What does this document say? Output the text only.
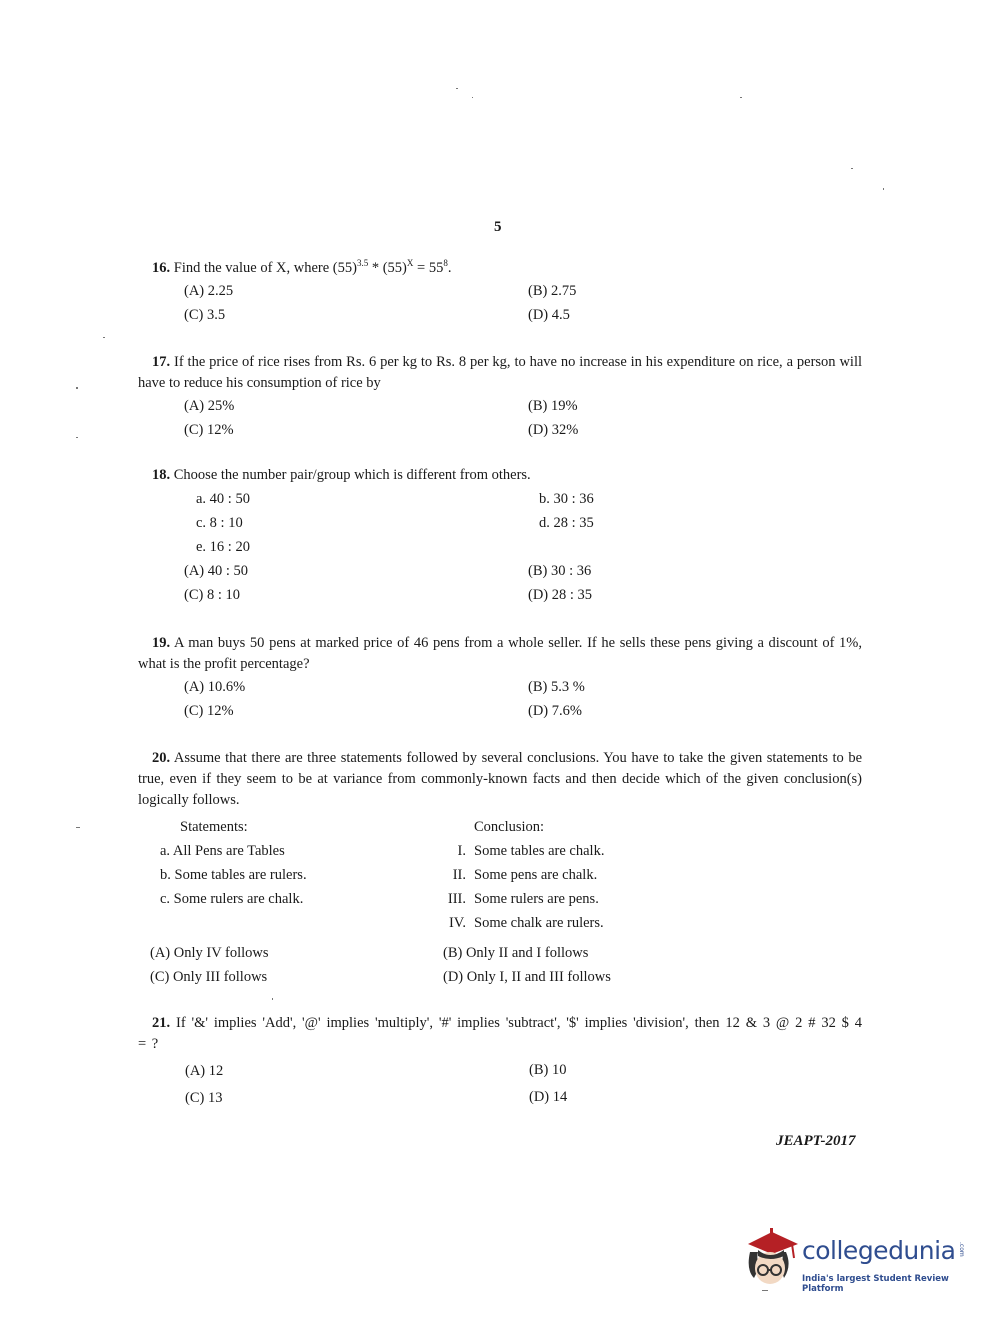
5
16. Find the value of X, where $(55)^{3.5} * (55)^X = 55^8$.
(A) 2.25	(B) 2.75
(C) 3.5	(D) 4.5
17. If the price of rice rises from Rs. 6 per kg to Rs. 8 per kg, to have no increase in his expenditure on rice, a person will have to reduce his consumption of rice by
(A) 25%	(B) 19%
(C) 12%	(D) 32%
18. Choose the number pair/group which is different from others.
a. 40 : 50	b. 30 : 36
c. 8 : 10	d. 28 : 35
e. 16 : 20
(A) 40 : 50	(B) 30 : 36
(C) 8 : 10	(D) 28 : 35
19. A man buys 50 pens at marked price of 46 pens from a whole seller. If he sells these pens giving a discount of 1%, what is the profit percentage?
(A) 10.6%	(B) 5.3 %
(C) 12%	(D) 7.6%
20. Assume that there are three statements followed by several conclusions. You have to take the given statements to be true, even if they seem to be at variance from commonly-known facts and then decide which of the given conclusion(s) logically follows.
Statements:	Conclusion:
a. All Pens are Tables
b. Some tables are rulers.
c. Some rulers are chalk.
I. Some tables are chalk.
II. Some pens are chalk.
III. Some rulers are pens.
IV. Some chalk are rulers.
(A) Only IV follows	(B) Only II and I follows
(C) Only III follows	(D) Only I, II and III follows
21. If '&' implies 'Add', '@' implies 'multiply', '#' implies 'subtract', '$' implies 'division', then 12 & 3 @ 2 # 32 $ 4 = ?
(A) 12	(B) 10
(C) 13	(D) 14
JEAPT-2017
collegedunia .com
India's largest Student Review Platform
